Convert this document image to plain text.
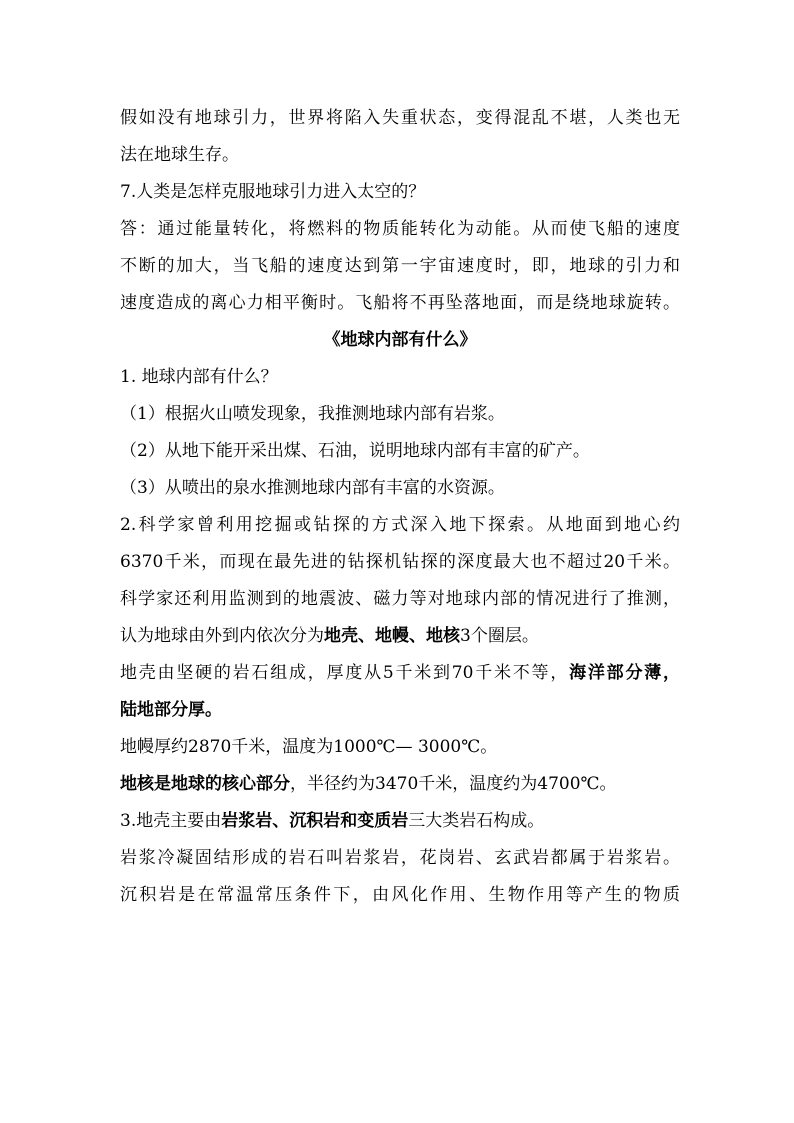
假如没有地球引力，世界将陷入失重状态，变得混乱不堪，人类也无
法在地球生存。
7.人类是怎样克服地球引力进入太空的？
答：通过能量转化，将燃料的物质能转化为动能。从而使飞船的速度
不断的加大，当飞船的速度达到第一宇宙速度时，即，地球的引力和
速度造成的离心力相平衡时。飞船将不再坠落地面，而是绕地球旋转。
《地球内部有什么》
1. 地球内部有什么？
（1）根据火山喷发现象，我推测地球内部有岩浆。
（2）从地下能开采出煤、石油，说明地球内部有丰富的矿产。
（3）从喷出的泉水推测地球内部有丰富的水资源。
2.科学家曾利用挖掘或钻探的方式深入地下探索。从地面到地心约
6370千米，而现在最先进的钻探机钻探的深度最大也不超过20千米。
科学家还利用监测到的地震波、磁力等对地球内部的情况进行了推测，
认为地球由外到内依次分为地壳、地幔、地核3个圈层。
地壳由坚硬的岩石组成，厚度从5千米到70千米不等，海洋部分薄，
陆地部分厚。
地幔厚约2870千米，温度为1000℃— 3000℃。
地核是地球的核心部分，半径约为3470千米，温度约为4700℃。
3.地壳主要由岩浆岩、沉积岩和变质岩三大类岩石构成。
岩浆冷凝固结形成的岩石叫岩浆岩，花岗岩、玄武岩都属于岩浆岩。
沉积岩是在常温常压条件下，由风化作用、生物作用等产生的物质
